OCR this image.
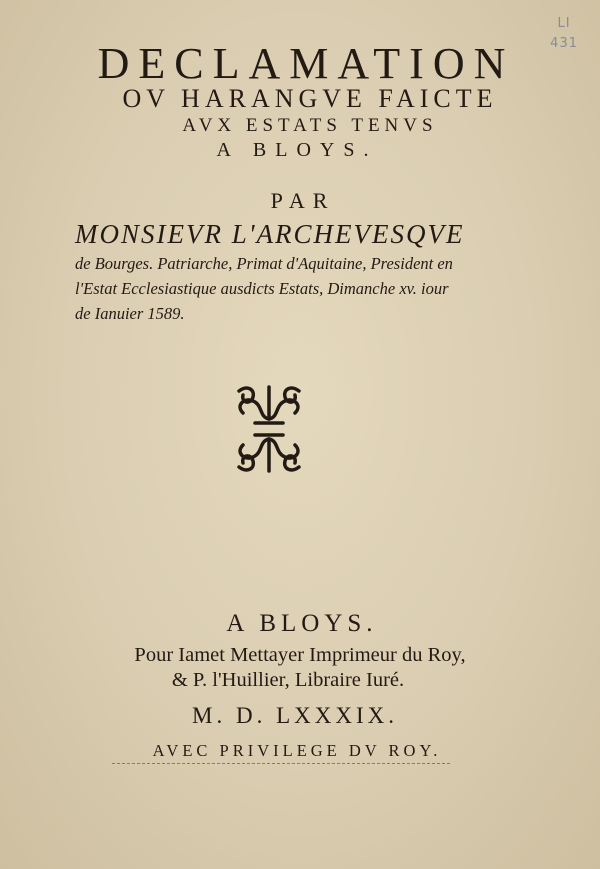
LI
431
DECLAMATION
OV HARANGVE FAICTE
AVX ESTATS TENVS
A BLOYS.
PAR
MONSIEVR L'ARCHEVESQVE
de Bourges. Patriarche, Primat d'Aquitaine, President en
l'Estat Ecclesiastique ausdicts Estats, Dimanche xv. iour
de Ianuier 1589.
A BLOYS.
Pour Iamet Mettayer Imprimeur du Roy,
& P. l'Huillier, Libraire Iuré.
M. D. LXXXIX.
AVEC PRIVILEGE DV ROY.
